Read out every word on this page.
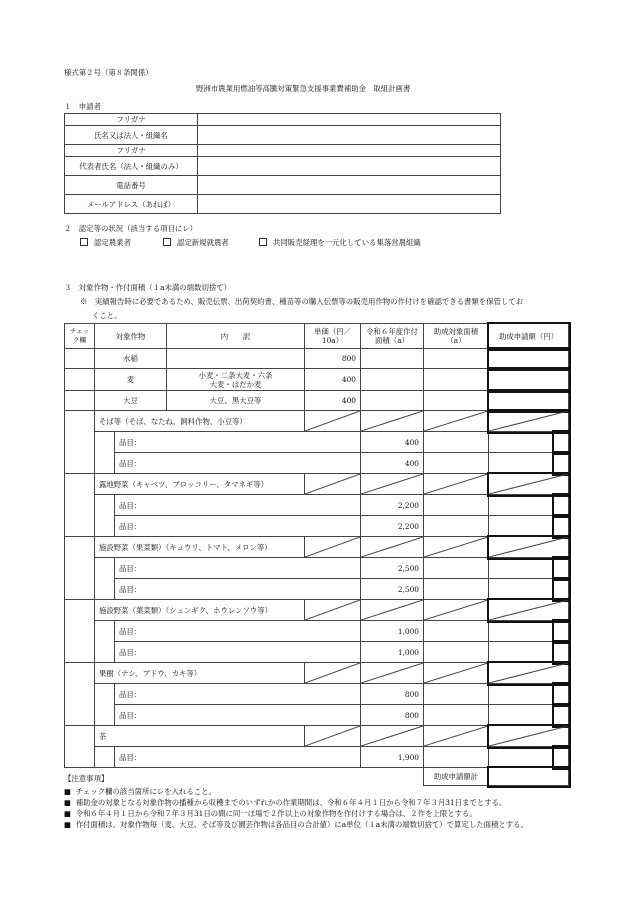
様式第２号（第８条関係）
野洲市農業用燃油等高騰対策緊急支援事業費補助金　取組計画書
１　申請者
フリガナ	
氏名又は法人・組織名	
フリガナ	
代表者氏名（法人・組織のみ）	
電話番号	
メールアドレス（あれば）	
２　認定等の状況（該当する項目にレ）
認定農業者	認定新規就農者	共同販売経理を一元化している集落営農組織
３　対象作物・作付面積（１a未満の端数切捨て）
※　実績報告時に必要であるため、販売伝票、出荷契約書、種苗等の購入伝票等の販売用作物の作付けを確認できる書類を保管してお
くこと。
チェック欄	対象作物		内　　訳	単価（円／10a）	令和６年度作付面積（a）	助成対象面積（a）	助成申請額（円）	
	水稲			800				
	麦		小麦・二条大麦・六条大麦・はだか麦	400				
	大豆		大豆、黒大豆等	400				
	そば等（そば、なたね、飼料作物、小豆等）	

		品目：			400			
		品目：			400			
	露地野菜（キャベツ、ブロッコリー、タマネギ等）	

		品目：			2,200			
		品目：			2,200			
	施設野菜（果菜類）（キュウリ、トマト、メロン等）	

		品目：			2,500			
		品目：			2,500			
	施設野菜（葉菜類）（シュンギク、ホウレンソウ等）	

		品目：			1,000			
		品目：			1,000			
	果樹（ナシ、ブドウ、カキ等）	

		品目：			800			
		品目：			800			
	茶	

		品目：			1,900			
						助成申請額計		
【注意事項】
■ チェック欄の該当箇所にレを入れること。
■ 補助金の対象となる対象作物の播種から収穫までのいずれかの作業期間は、令和６年４月１日から令和７年３月31日までとする。
■ 令和６年４月１日から令和７年３月31日の間に同一ほ場で２作以上の対象作物を作付けする場合は、２作を上限とする。
■ 作付面積は、対象作物毎（麦、大豆、そば等及び園芸作物は各品目の合計値）にa単位（１a未満の端数切捨て）で算定した面積とする。
